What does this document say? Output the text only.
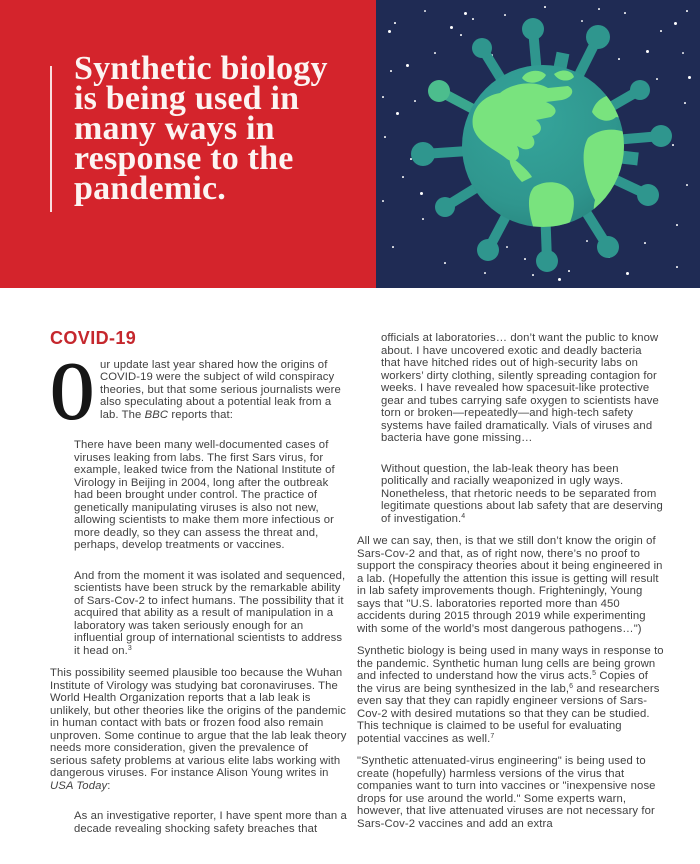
Synthetic biology
is being used in
many ways in
response to the
pandemic.
COVID-19

Our update last year shared how the origins of COVID-19 were the subject of wild conspiracy theories, but that some serious journalists were also speculating about a potential leak from a lab. The BBC reports that:

There have been many well-documented cases of viruses leaking from labs. The first Sars virus, for example, leaked twice from the National Institute of Virology in Beijing in 2004, long after the outbreak had been brought under control. The practice of genetically manipulating viruses is also not new, allowing scientists to make them more infectious or more deadly, so they can assess the threat and, perhaps, develop treatments or vaccines.
And from the moment it was isolated and sequenced, scientists have been struck by the remarkable ability of Sars-Cov-2 to infect humans. The possibility that it acquired that ability as a result of manipulation in a laboratory was taken seriously enough for an influential group of international scientists to address it head on.$^3$

This possibility seemed plausible too because the Wuhan Institute of Virology was studying bat coronaviruses. The World Health Organization reports that a lab leak is unlikely, but other theories like the origins of the pandemic in human contact with bats or frozen food also remain unproven. Some continue to argue that the lab leak theory needs more consideration, given the prevalence of serious safety problems at various elite labs working with dangerous viruses. For instance Alison Young writes in USA Today:

As an investigative reporter, I have spent more than a decade revealing shocking safety breaches that
officials at laboratories… don’t want the public to know about. I have uncovered exotic and deadly bacteria that have hitched rides out of high-security labs on workers’ dirty clothing, silently spreading contagion for weeks. I have revealed how spacesuit-like protective gear and tubes carrying safe oxygen to scientists have torn or broken—repeatedly—and high-tech safety systems have failed dramatically. Vials of viruses and bacteria have gone missing…
Without question, the lab-leak theory has been politically and racially weaponized in ugly ways. Nonetheless, that rhetoric needs to be separated from legitimate questions about lab safety that are deserving of investigation.$^4$

All we can say, then, is that we still don’t know the origin of Sars-Cov-2 and that, as of right now, there’s no proof to support the conspiracy theories about it being engineered in a lab. (Hopefully the attention this issue is getting will result in lab safety improvements though. Frighteningly, Young says that "U.S. laboratories reported more than 450 accidents during 2015 through 2019 while experimenting with some of the world’s most dangerous pathogens…")

Synthetic biology is being used in many ways in response to the pandemic. Synthetic human lung cells are being grown and infected to understand how the virus acts.$^5$ Copies of the virus are being synthesized in the lab,$^6$ and researchers even say that they can rapidly engineer versions of Sars-Cov-2 with desired mutations so that they can be studied. This technique is claimed to be useful for evaluating potential vaccines as well.$^7$

"Synthetic attenuated-virus engineering" is being used to create (hopefully) harmless versions of the virus that companies want to turn into vaccines or "inexpensive nose drops for use around the world." Some experts warn, however, that live attenuated viruses are not necessary for Sars-Cov-2 vaccines and add an extra
